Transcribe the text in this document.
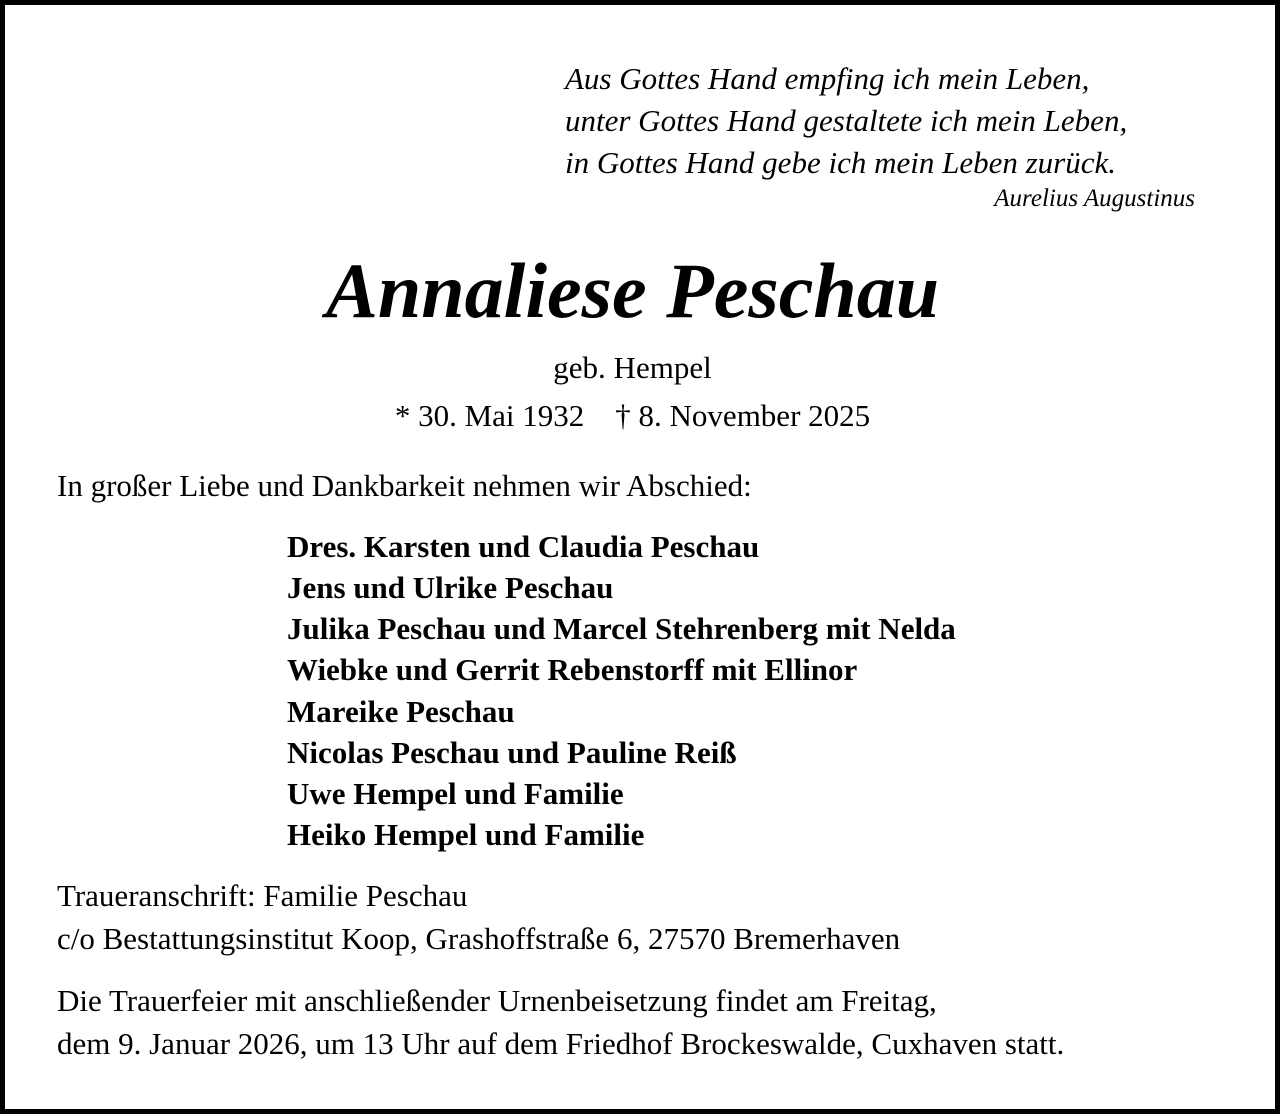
Aus Gottes Hand empfing ich mein Leben,
unter Gottes Hand gestaltete ich mein Leben,
in Gottes Hand gebe ich mein Leben zurück.
Aurelius Augustinus
Annaliese Peschau
geb. Hempel
* 30. Mai 1932    † 8. November 2025
In großer Liebe und Dankbarkeit nehmen wir Abschied:
Dres. Karsten und Claudia Peschau
Jens und Ulrike Peschau
Julika Peschau und Marcel Stehrenberg mit Nelda
Wiebke und Gerrit Rebenstorff mit Ellinor
Mareike Peschau
Nicolas Peschau und Pauline Reiß
Uwe Hempel und Familie
Heiko Hempel und Familie
Traueranschrift: Familie Peschau
c/o Bestattungsinstitut Koop, Grashoffstraße 6, 27570 Bremerhaven
Die Trauerfeier mit anschließender Urnenbeisetzung findet am Freitag,
dem 9. Januar 2026, um 13 Uhr auf dem Friedhof Brockeswalde, Cuxhaven statt.
